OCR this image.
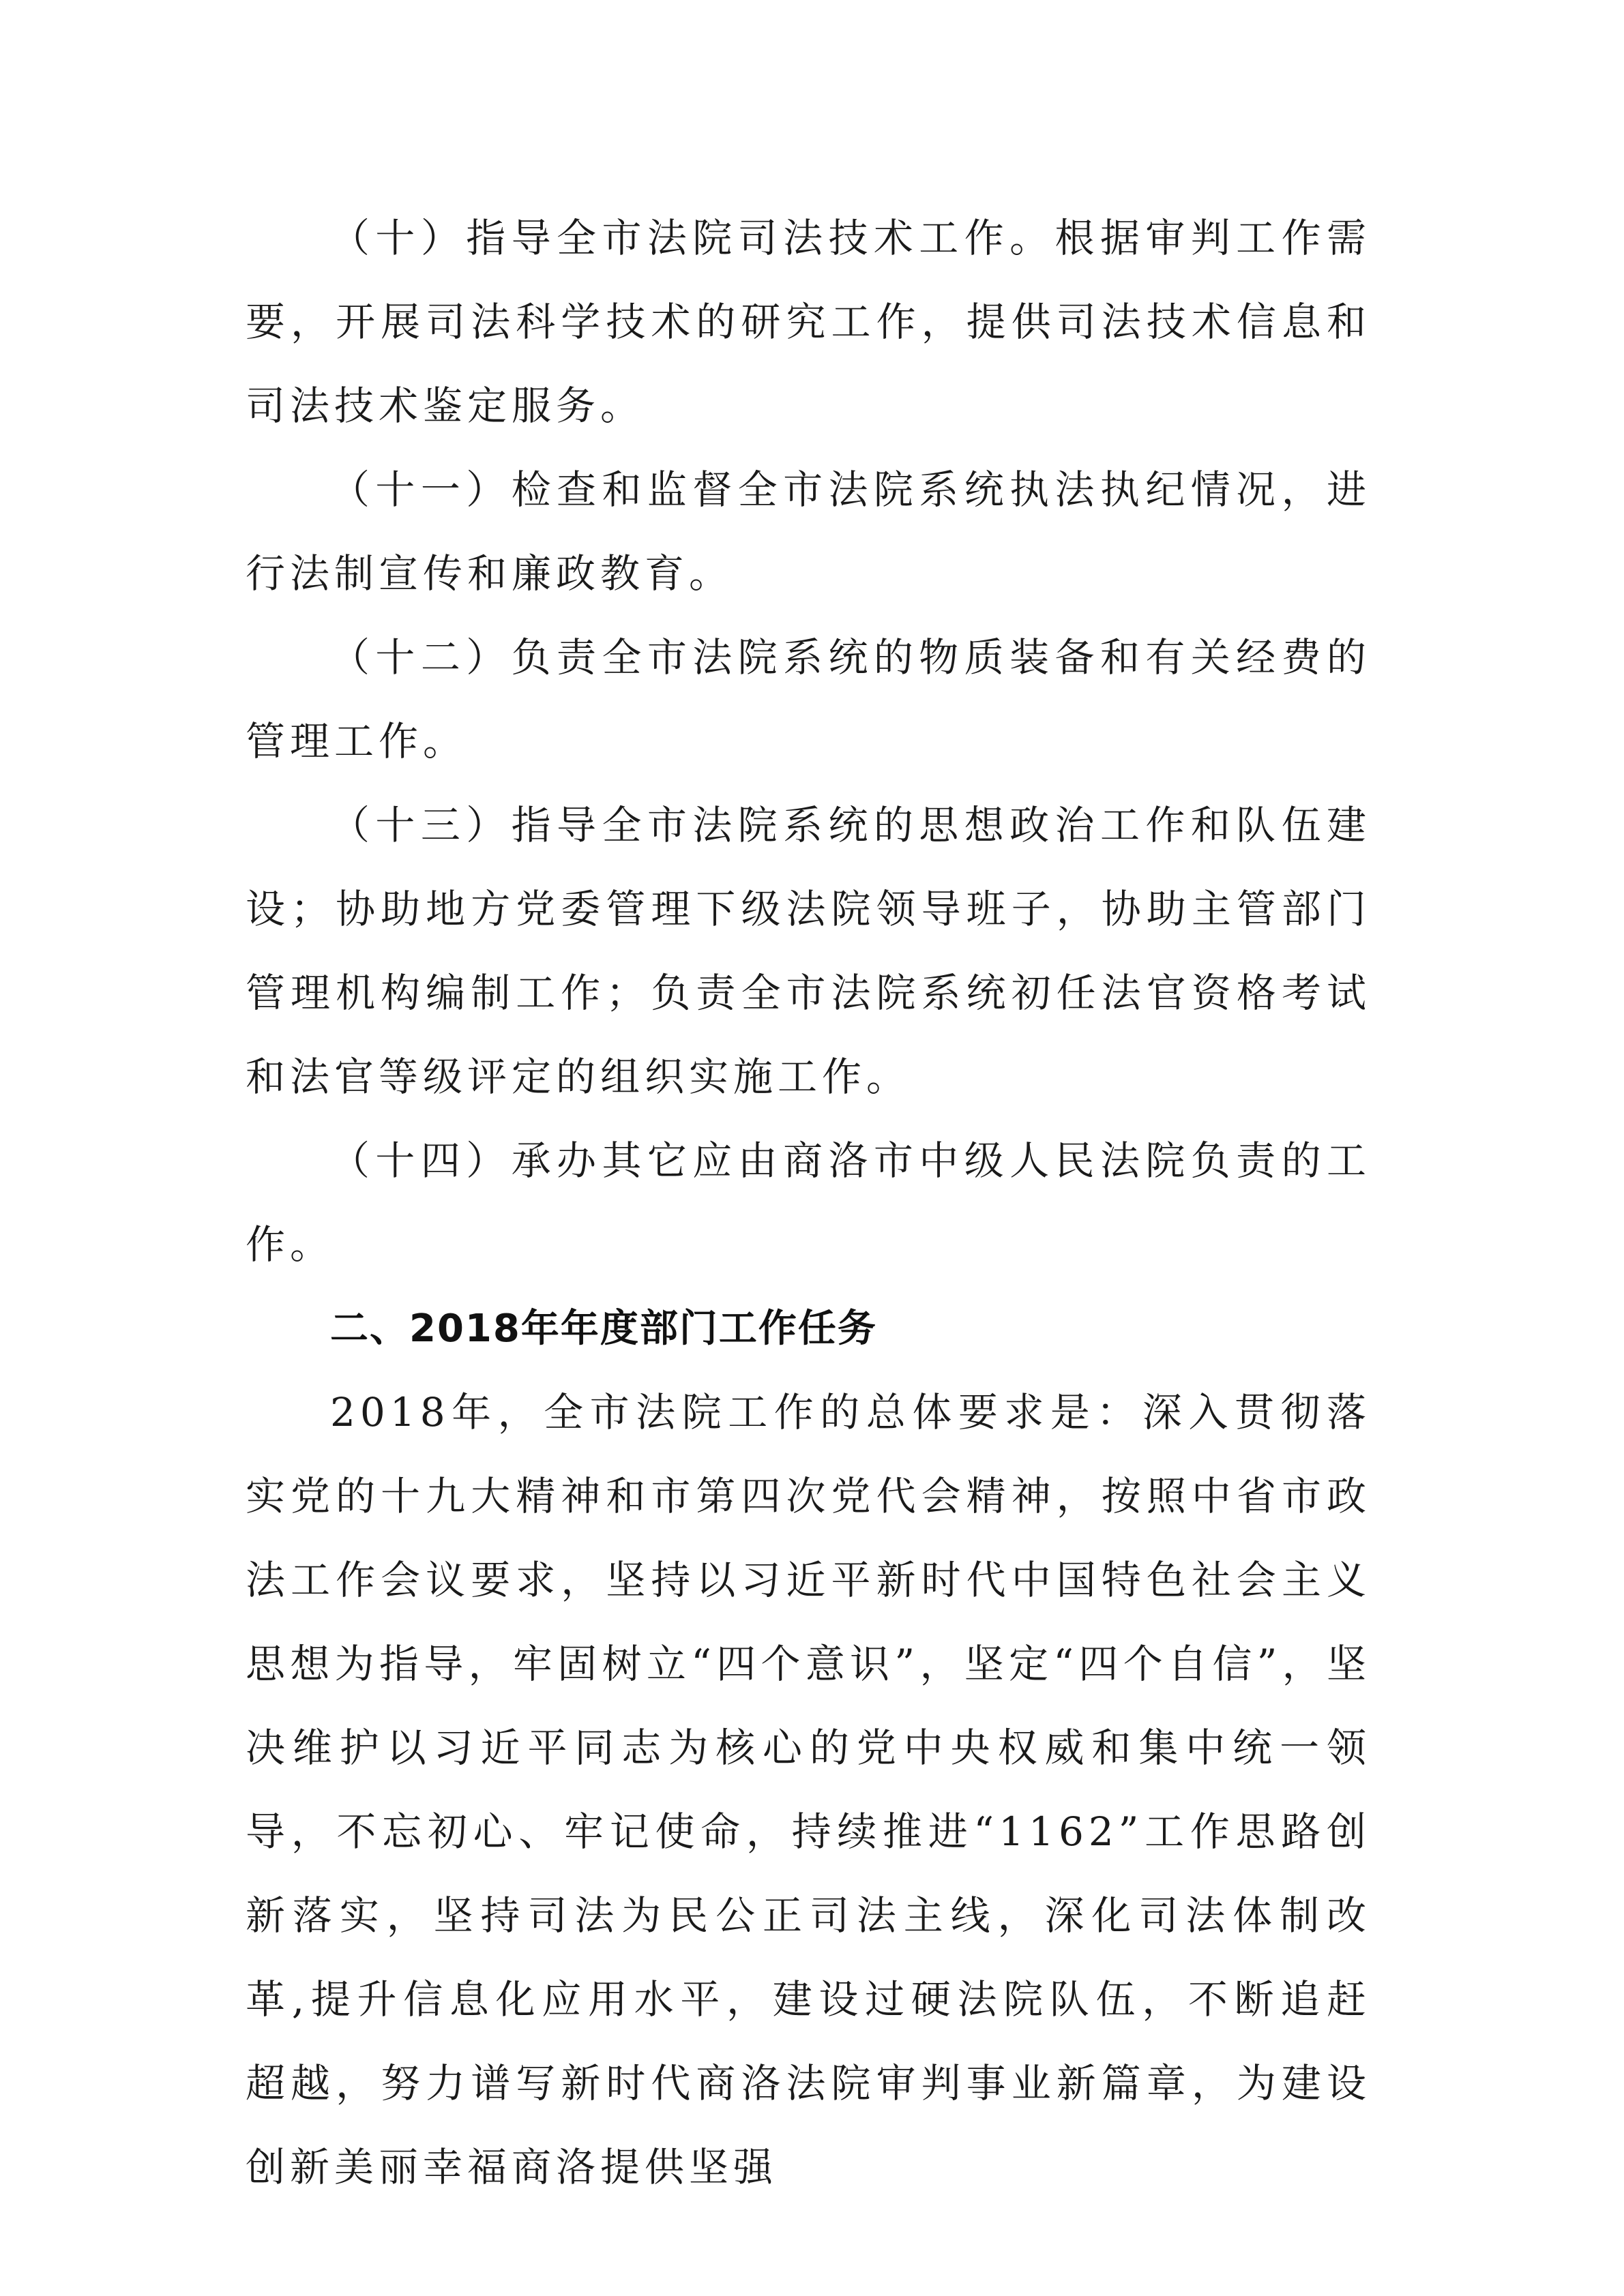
（十）指导全市法院司法技术工作。根据审判工作需要，开展司法科学技术的研究工作，提供司法技术信息和司法技术鉴定服务。

（十一）检查和监督全市法院系统执法执纪情况，进行法制宣传和廉政教育。

（十二）负责全市法院系统的物质装备和有关经费的管理工作。

（十三）指导全市法院系统的思想政治工作和队伍建设；协助地方党委管理下级法院领导班子，协助主管部门管理机构编制工作；负责全市法院系统初任法官资格考试和法官等级评定的组织实施工作。

（十四）承办其它应由商洛市中级人民法院负责的工作。

二、2018年年度部门工作任务

2018年，全市法院工作的总体要求是：深入贯彻落实党的十九大精神和市第四次党代会精神，按照中省市政法工作会议要求，坚持以习近平新时代中国特色社会主义思想为指导，牢固树立“四个意识”，坚定“四个自信”，坚决维护以习近平同志为核心的党中央权威和集中统一领导，不忘初心、牢记使命，持续推进“1162”工作思路创新落实，坚持司法为民公正司法主线，深化司法体制改革,提升信息化应用水平，建设过硬法院队伍，不断追赶超越，努力谱写新时代商洛法院审判事业新篇章，为建设创新美丽幸福商洛提供坚强
